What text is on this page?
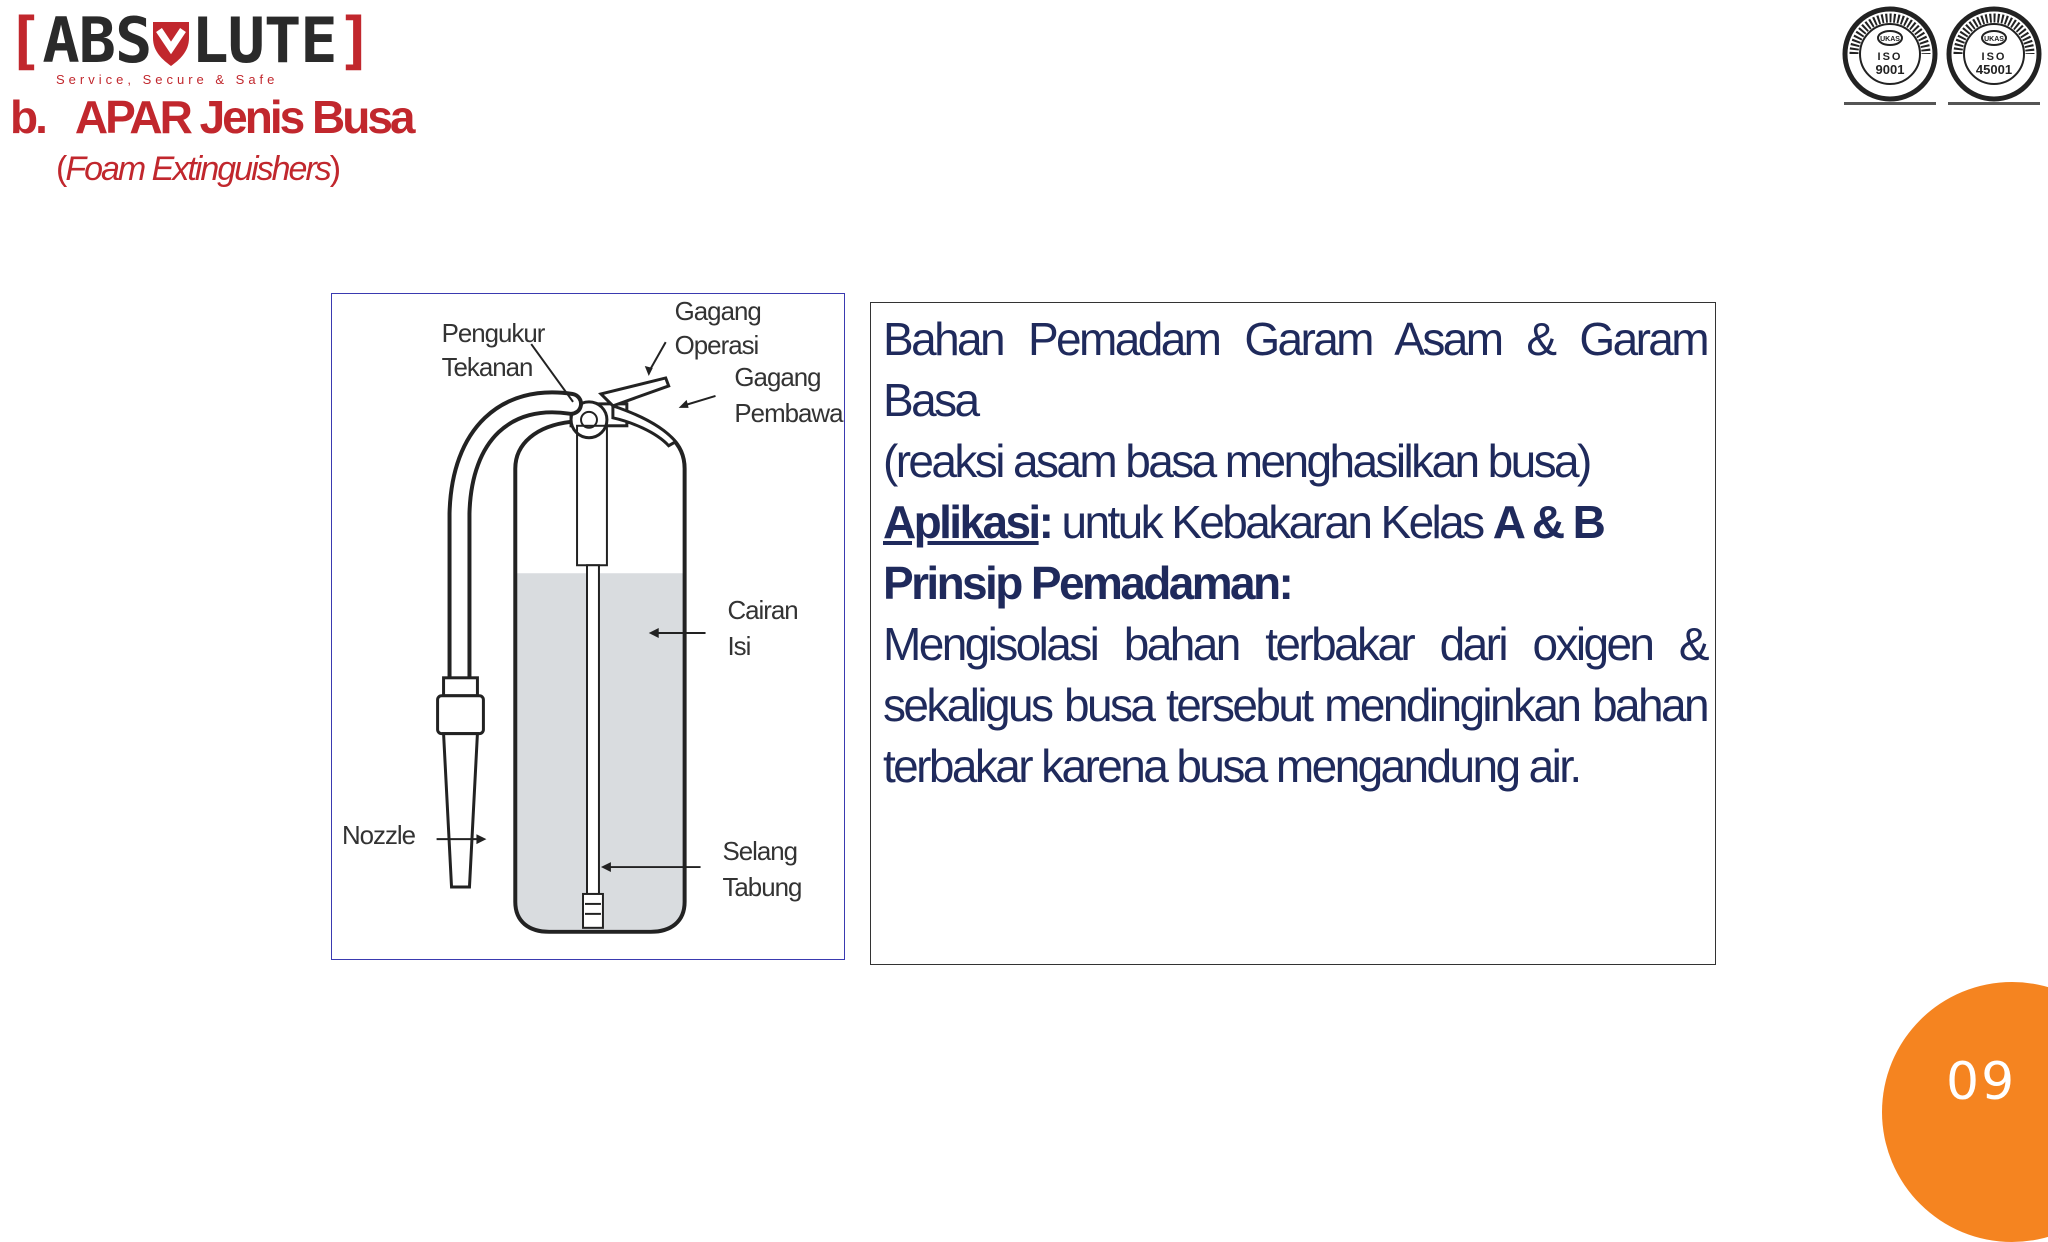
[ABS LUTE]
Service, Secure & Safe
b. APAR Jenis Busa
(Foam Extinguishers)
UKAS
ISO
9001
UKAS
ISO
45001
Pengukur
Tekanan
Gagang
Operasi
Gagang
Pembawa
Cairan
Isi
Nozzle
Selang
Tabung

Bahan Pemadam Garam Asam & Garam Basa

(reaksi asam basa menghasilkan busa)

Aplikasi: untuk Kebakaran Kelas A & B

Prinsip Pemadaman:

Mengisolasi bahan terbakar dari oxigen & sekaligus busa tersebut mendinginkan bahan terbakar karena busa mengandung air.

09
